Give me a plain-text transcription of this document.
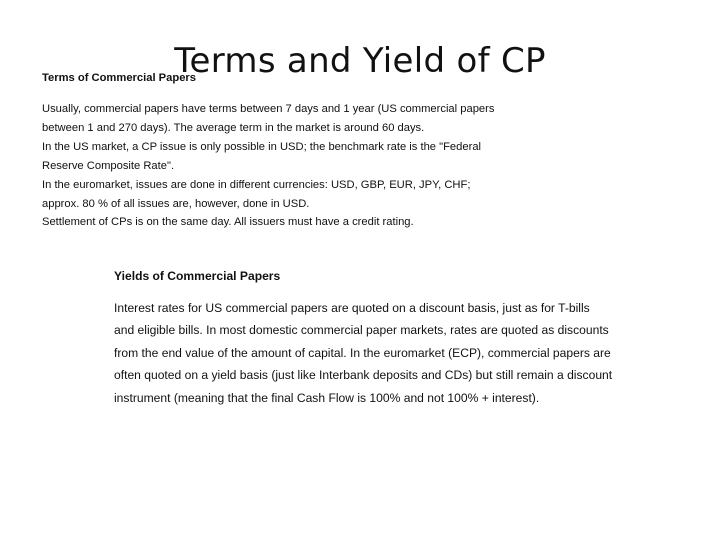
Terms and Yield of CP
Terms of Commercial Papers
Usually, commercial papers have terms between 7 days and 1 year (US commercial papers
between 1 and 270 days). The average term in the market is around 60 days.
In the US market, a CP issue is only possible in USD; the benchmark rate is the "Federal
Reserve Composite Rate".
In the euromarket, issues are done in different currencies: USD, GBP, EUR, JPY, CHF;
approx. 80 % of all issues are, however, done in USD.
Settlement of CPs is on the same day. All issuers must have a credit rating.
Yields of Commercial Papers
Interest rates for US commercial papers are quoted on a discount basis, just as for T-bills
and eligible bills. In most domestic commercial paper markets, rates are quoted as discounts
from the end value of the amount of capital. In the euromarket (ECP), commercial papers are
often quoted on a yield basis (just like Interbank deposits and CDs) but still remain a discount
instrument (meaning that the final Cash Flow is 100% and not 100% + interest).
